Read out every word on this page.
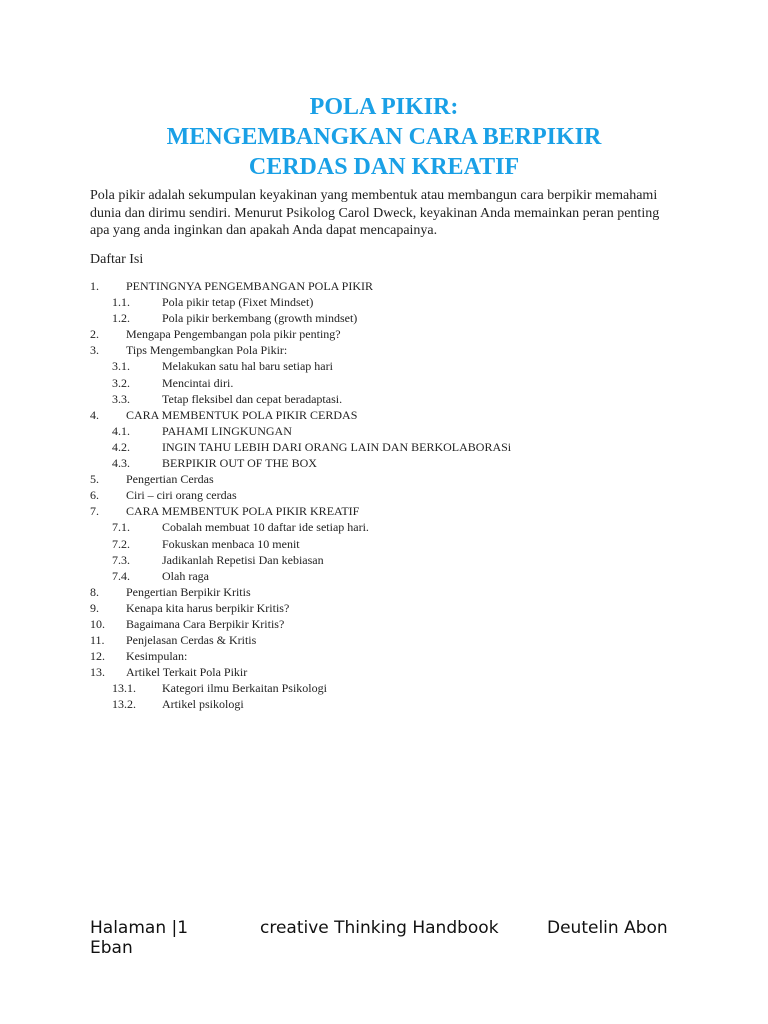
POLA PIKIR:
MENGEMBANGKAN CARA BERPIKIR
CERDAS DAN KREATIF
Pola pikir adalah sekumpulan keyakinan yang membentuk atau membangun cara berpikir memahami dunia dan dirimu sendiri. Menurut Psikolog Carol Dweck, keyakinan Anda memainkan peran penting apa yang anda inginkan dan apakah Anda dapat mencapainya.
Daftar Isi
1. PENTINGNYA PENGEMBANGAN POLA PIKIR
1.1.	Pola pikir tetap (Fixet Mindset)
1.2.	Pola pikir berkembang (growth mindset)
2. Mengapa Pengembangan pola pikir penting?
3. Tips Mengembangkan Pola Pikir:
3.1.	Melakukan satu hal baru setiap hari
3.2.	Mencintai diri.
3.3.	Tetap fleksibel dan cepat beradaptasi.
4. CARA MEMBENTUK POLA PIKIR CERDAS
4.1.	PAHAMI LINGKUNGAN
4.2.	INGIN TAHU LEBIH DARI ORANG LAIN DAN BERKOLABORASi
4.3.	BERPIKIR OUT OF THE BOX
5. Pengertian Cerdas
6. Ciri – ciri orang cerdas
7. CARA MEMBENTUK POLA PIKIR KREATIF
7.1.	Cobalah membuat 10 daftar ide setiap hari.
7.2.	Fokuskan menbaca 10 menit
7.3.	Jadikanlah Repetisi Dan kebiasan
7.4.	Olah raga
8. Pengertian Berpikir Kritis
9. Kenapa kita harus berpikir Kritis?
10. Bagaimana Cara Berpikir Kritis?
11. Penjelasan Cerdas & Kritis
12. Kesimpulan:
13. Artikel Terkait Pola Pikir
13.1. Kategori ilmu Berkaitan Psikologi
13.2. Artikel psikologi
Halaman |1	creative Thinking Handbook	Deutelin Abon
Eban
